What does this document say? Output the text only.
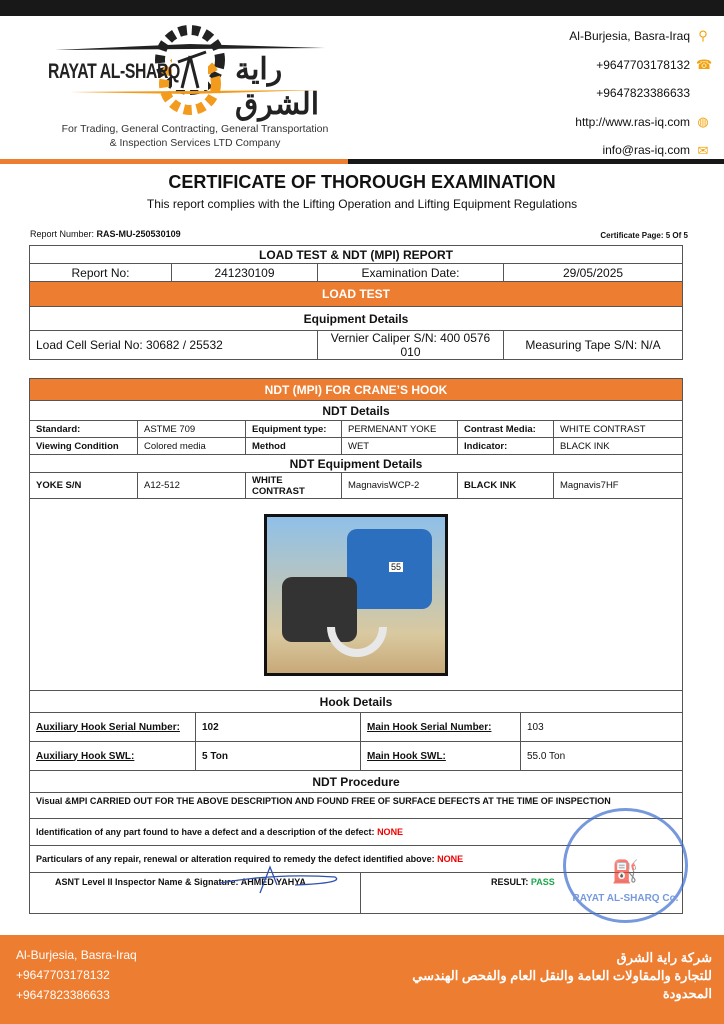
RAYAT AL-SHARQ راية الشرق
For Trading, General Contracting, General Transportation
& Inspection Services LTD Company
Al-Burjesia, Basra-Iraq ⚲
+9647703178132 ☎
+9647823386633
http://www.ras-iq.com ◍
info@ras-iq.com ✉
CERTIFICATE OF THOROUGH EXAMINATION
This report complies with the Lifting Operation and Lifting Equipment Regulations
Report Number: RAS-MU-250530109	Certificate Page: 5 Of 5
LOAD TEST & NDT (MPI) REPORT			
Report No:	241230109	Examination Date:	29/05/2025
LOAD TEST			
Equipment Details			
Load Cell Serial No: 30682 / 25532		Vernier Caliper S/N: 400 0576 010	Measuring Tape S/N: N/A
NDT (MPI) FOR CRANE’S HOOK					
NDT Details					
Standard:	ASTME 709	Equipment type:	PERMENANT YOKE	Contrast Media:	WHITE CONTRAST
Viewing Condition	Colored media	Method	WET	Indicator:	BLACK INK
NDT Equipment Details					
YOKE S/N	A12-512	WHITE CONTRAST	MagnavisWCP-2	BLACK INK	Magnavis7HF

55					

Hook Details					
Auxiliary Hook Serial Number:	102	Main Hook Serial Number:	103
Auxiliary Hook SWL:	5 Ton	Main Hook SWL:	55.0 Ton
NDT Procedure			
Visual &MPI CARRIED OUT FOR THE ABOVE DESCRIPTION AND FOUND FREE OF SURFACE DEFECTS AT THE TIME OF INSPECTION			
Identification of any part found to have a defect and a description of the defect: NONE			
Particulars of any repair, renewal or alteration required to remedy the defect identified above: NONE			
ASNT Level II Inspector Name & Signature: AHMED YAHYA		RESULT: PASS		⛽
RAYAT AL-SHARQ Co.
Al-Burjesia, Basra-Iraq
+9647703178132
+9647823386633
شركة راية الشرق
للتجارة والمقاولات العامة والنقل العام والفحص الهندسي
المحدودة
